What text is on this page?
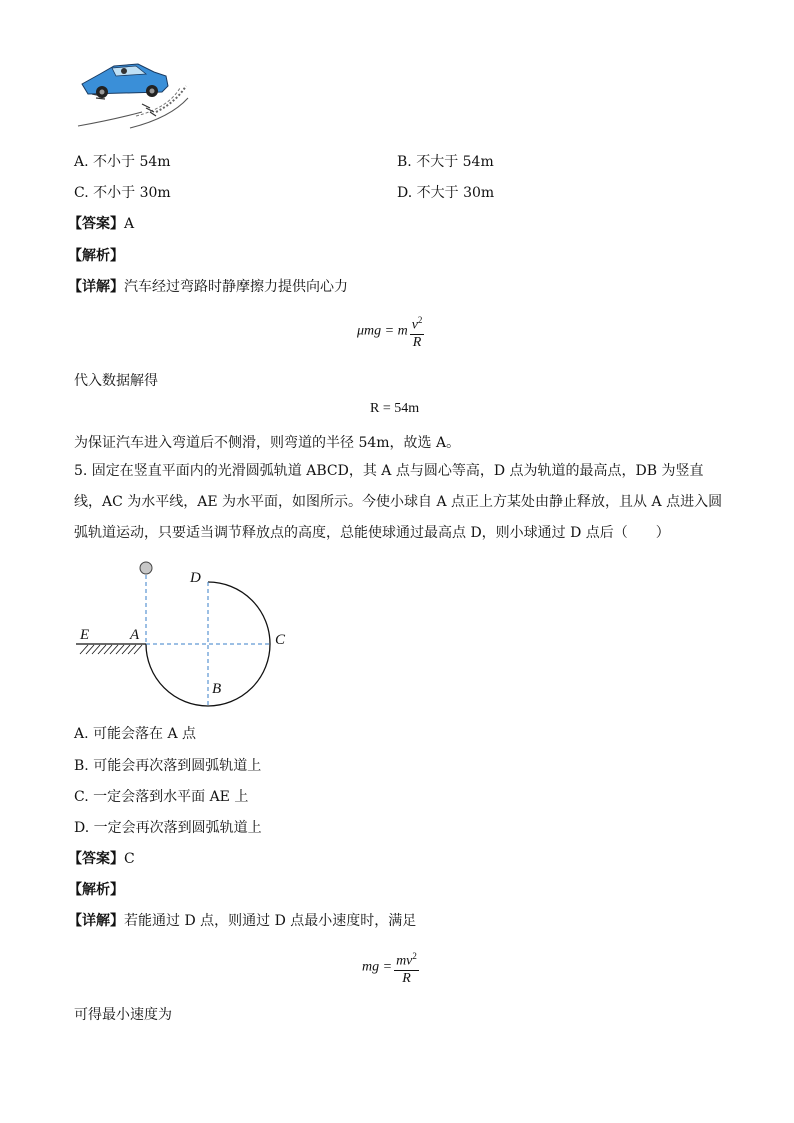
A. 不小于 54m	B. 不大于 54m
C. 不小于 30m	D. 不大于 30m
【答案】A
【解析】
【详解】汽车经过弯路时静摩擦力提供向心力
μmg = m $\frac{v^2}{R}$
代入数据解得
R = 54m
为保证汽车进入弯道后不侧滑，则弯道的半径 54m，故选 A。
5. 固定在竖直平面内的光滑圆弧轨道 ABCD，其 A 点与圆心等高，D 点为轨道的最高点，DB 为竖直线，AC 为水平线，AE 为水平面，如图所示。今使小球自 A 点正上方某处由静止释放，且从 A 点进入圆弧轨道运动，只要适当调节释放点的高度，总能使球通过最高点 D，则小球通过 D 点后（　　）
D
E	A	C
B
A. 可能会落在 A 点
B. 可能会再次落到圆弧轨道上
C. 一定会落到水平面 AE 上
D. 一定会再次落到圆弧轨道上
【答案】C
【解析】
【详解】若能通过 D 点，则通过 D 点最小速度时，满足
mg = $\frac{mv^2}{R}$
可得最小速度为
